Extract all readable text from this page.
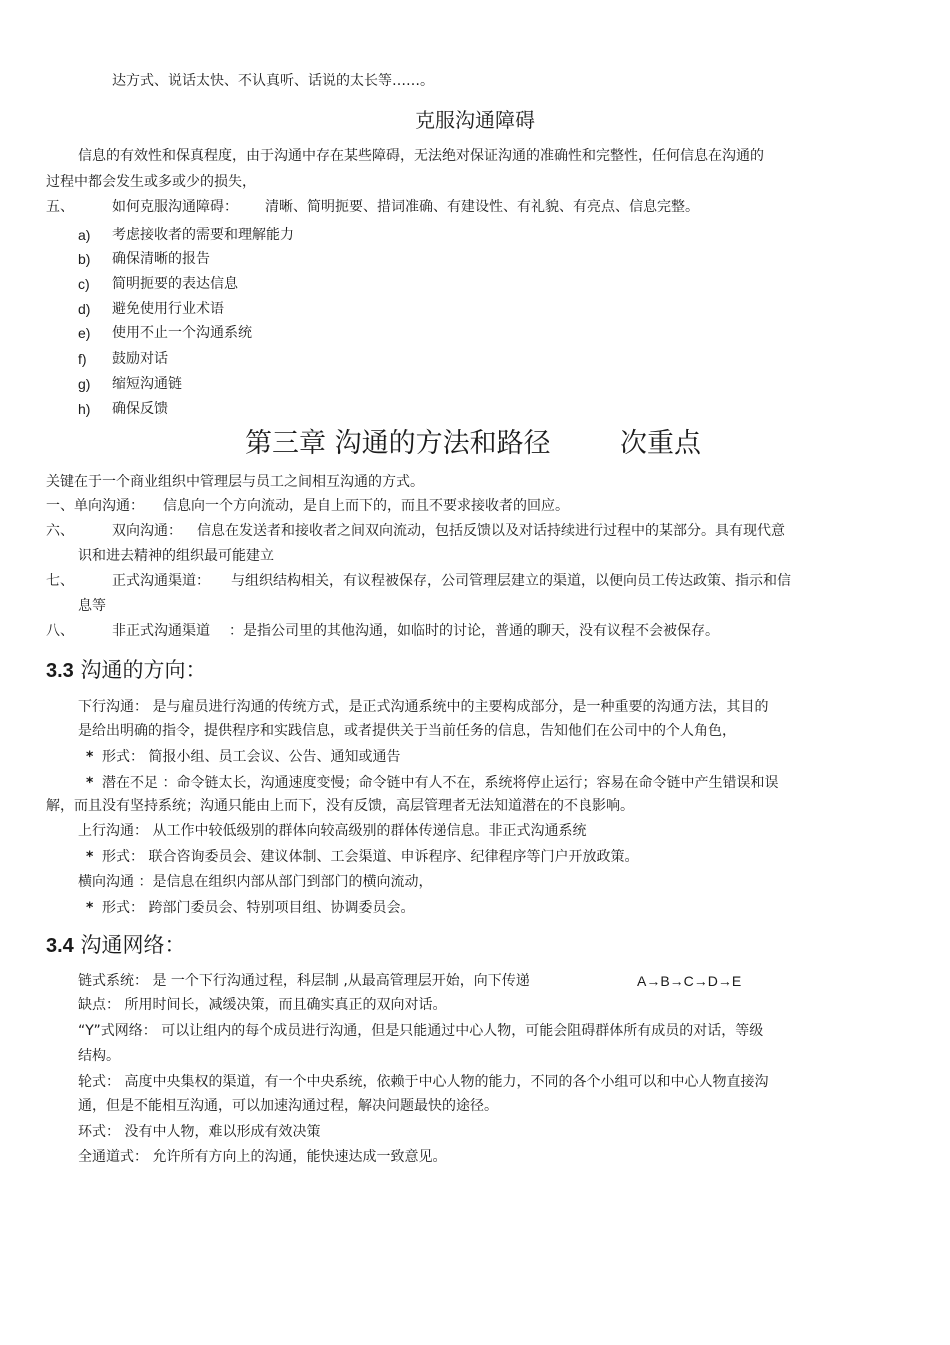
达方式、说话太快、不认真听、话说的太长等……。
克服沟通障碍
信息的有效性和保真程度，由于沟通中存在某些障碍，无法绝对保证沟通的准确性和完整性，任何信息在沟通的
过程中都会发生或多或少的损失，
五、	如何克服沟通障碍： 清晰、简明扼要、措词准确、有建设性、有礼貌、有亮点、信息完整。
a) 考虑接收者的需要和理解能力
b) 确保清晰的报告
c) 简明扼要的表达信息
d) 避免使用行业术语
e) 使用不止一个沟通系统
f) 鼓励对话
g) 缩短沟通链
h) 确保反馈
第三章 沟通的方法和路径	次重点
关键在于一个商业组织中管理层与员工之间相互沟通的方式。
一、单向沟通： 信息向一个方向流动，是自上而下的，而且不要求接收者的回应。
六、	双向沟通： 信息在发送者和接收者之间双向流动，包括反馈以及对话持续进行过程中的某部分。具有现代意
识和进去精神的组织最可能建立
七、	正式沟通渠道： 与组织结构相关，有议程被保存，公司管理层建立的渠道，以便向员工传达政策、指示和信
息等
八、	非正式沟通渠道 ：是指公司里的其他沟通，如临时的讨论，普通的聊天，没有议程不会被保存。
3.3 沟通的方向：
下行沟通： 是与雇员进行沟通的传统方式，是正式沟通系统中的主要构成部分，是一种重要的沟通方法，其目的
是给出明确的指令，提供程序和实践信息，或者提供关于当前任务的信息，告知他们在公司中的个人角色，
* 形式： 简报小组、员工会议、公告、通知或通告
* 潜在不足 ：命令链太长，沟通速度变慢；命令链中有人不在，系统将停止运行；容易在命令链中产生错误和误
解，而且没有坚持系统；沟通只能由上而下，没有反馈，高层管理者无法知道潜在的不良影响。
上行沟通： 从工作中较低级别的群体向较高级别的群体传递信息。非正式沟通系统
* 形式： 联合咨询委员会、建议体制、工会渠道、申诉程序、纪律程序等门户开放政策。
横向沟通 ：是信息在组织内部从部门到部门的横向流动，
* 形式： 跨部门委员会、特别项目组、协调委员会。
3.4 沟通网络：
链式系统： 是 一个下行沟通过程，科层制 ,从最高管理层开始，向下传递	A→B→C→D→E
缺点： 所用时间长，减缓决策，而且确实真正的双向对话。
“Y”式网络： 可以让组内的每个成员进行沟通，但是只能通过中心人物，可能会阻碍群体所有成员的对话，等级
结构。
轮式： 高度中央集权的渠道，有一个中央系统，依赖于中心人物的能力，不同的各个小组可以和中心人物直接沟
通，但是不能相互沟通，可以加速沟通过程，解决问题最快的途径。
环式： 没有中人物，难以形成有效决策
全通道式： 允许所有方向上的沟通，能快速达成一致意见。
